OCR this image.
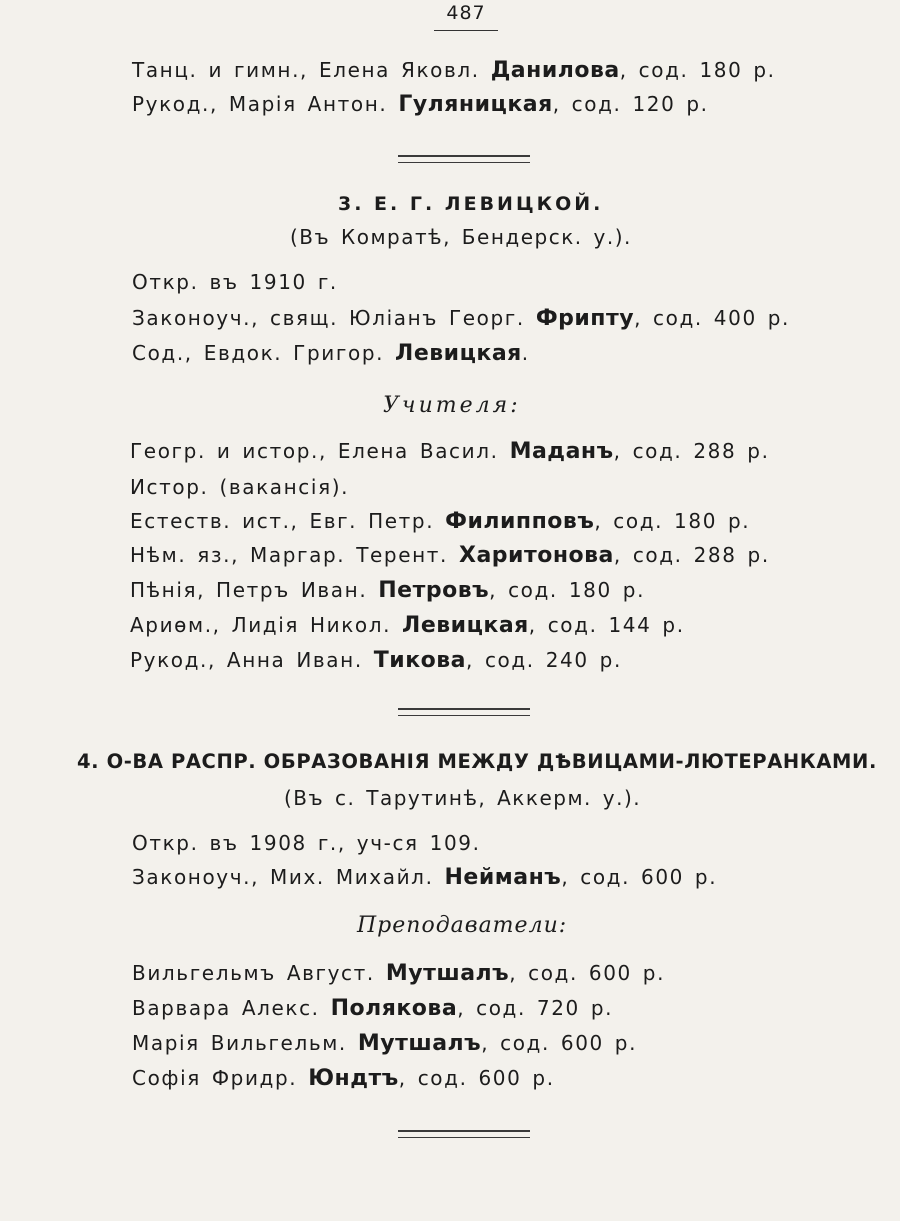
487
Танц. и гимн., Елена Яковл. Данилова, сод. 180 р.
Рукод., Марія Антон. Гуляницкая, сод. 120 р.
3. Е. Г. ЛЕВИЦКОЙ.
(Въ Комратѣ, Бендерск. у.).
Откр. въ 1910 г.
Законоуч., свящ. Юліанъ Георг. Фрипту, сод. 400 р.
Сод., Евдок. Григор. Левицкая.
Учителя:
Геогр. и истор., Елена Васил. Маданъ, сод. 288 р.
Истор. (вакансія).
Естеств. ист., Евг. Петр. Филипповъ, сод. 180 р.
Нѣм. яз., Маргар. Терент. Харитонова, сод. 288 р.
Пѣнія, Петръ Иван. Петровъ, сод. 180 р.
Ариѳм., Лидія Никол. Левицкая, сод. 144 р.
Рукод., Анна Иван. Тикова, сод. 240 р.
4. О-ВА РАСПР. ОБРАЗОВАНІЯ МЕЖДУ ДѢВИЦАМИ-ЛЮТЕРАНКАМИ.
(Въ с. Тарутинѣ, Аккерм. у.).
Откр. въ 1908 г., уч-ся 109.
Законоуч., Мих. Михайл. Нейманъ, сод. 600 р.
Преподаватели:
Вильгельмъ Август. Мутшалъ, сод. 600 р.
Варвара Алекс. Полякова, сод. 720 р.
Марія Вильгельм. Мутшалъ, сод. 600 р.
Софія Фридр. Юндтъ, сод. 600 р.
